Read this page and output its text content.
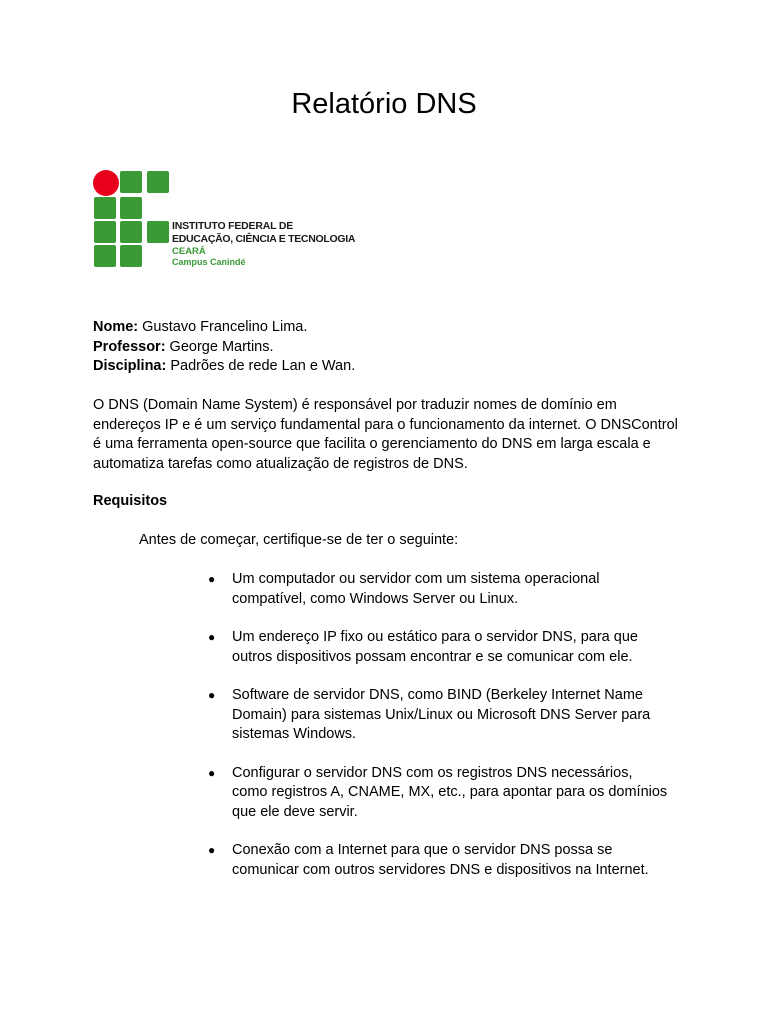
Relatório DNS
INSTITUTO FEDERAL DE
EDUCAÇÃO, CIÊNCIA E TECNOLOGIA
CEARÁ
Campus Canindé
Nome: Gustavo Francelino Lima.
Professor: George Martins.
Disciplina: Padrões de rede Lan e Wan.

O DNS (Domain Name System) é responsável por traduzir nomes de domínio em endereços IP e é um serviço fundamental para o funcionamento da internet. O DNSControl é uma ferramenta open-source que facilita o gerenciamento do DNS em larga escala e automatiza tarefas como atualização de registros de DNS.

Requisitos

Antes de começar, certifique-se de ter o seguinte:

●	Um computador ou servidor com um sistema operacional compatível, como Windows Server ou Linux.
●	Um endereço IP fixo ou estático para o servidor DNS, para que outros dispositivos possam encontrar e se comunicar com ele.
●	Software de servidor DNS, como BIND (Berkeley Internet Name Domain) para sistemas Unix/Linux ou Microsoft DNS Server para sistemas Windows.
●	Configurar o servidor DNS com os registros DNS necessários, como registros A, CNAME, MX, etc., para apontar para os domínios que ele deve servir.
●	Conexão com a Internet para que o servidor DNS possa se comunicar com outros servidores DNS e dispositivos na Internet.
